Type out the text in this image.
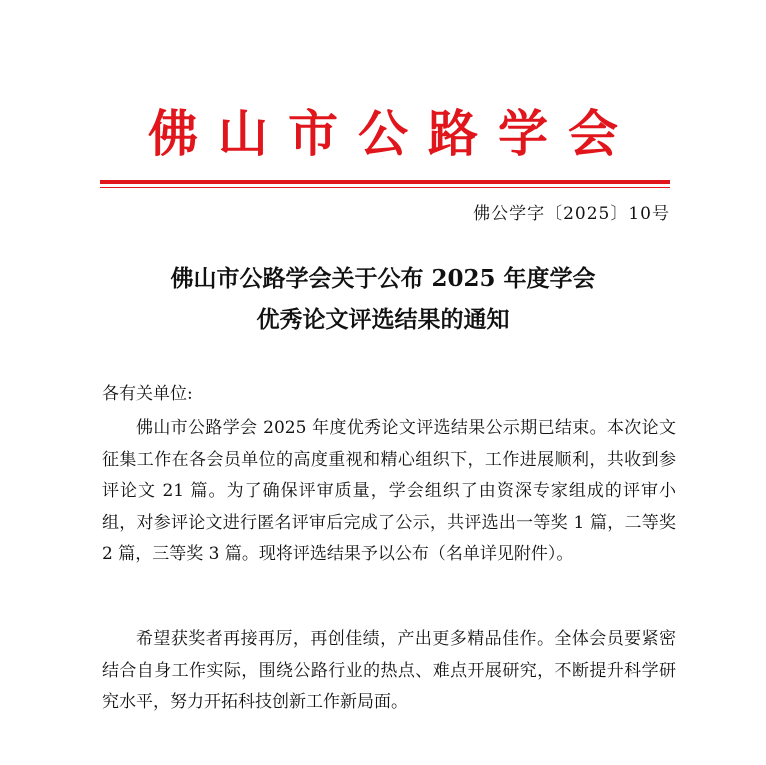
佛山市公路学会
佛公学字〔2025〕10号
佛山市公路学会关于公布 2025 年度学会
优秀论文评选结果的通知
各有关单位:

佛山市公路学会 2025 年度优秀论文评选结果公示期已结束。本次论文征集工作在各会员单位的高度重视和精心组织下，工作进展顺利，共收到参评论文 21 篇。为了确保评审质量，学会组织了由资深专家组成的评审小组，对参评论文进行匿名评审后完成了公示，共评选出一等奖 1 篇，二等奖 2 篇，三等奖 3 篇。现将评选结果予以公布（名单详见附件）。

希望获奖者再接再厉，再创佳绩，产出更多精品佳作。全体会员要紧密结合自身工作实际，围绕公路行业的热点、难点开展研究，不断提升科学研究水平，努力开拓科技创新工作新局面。
